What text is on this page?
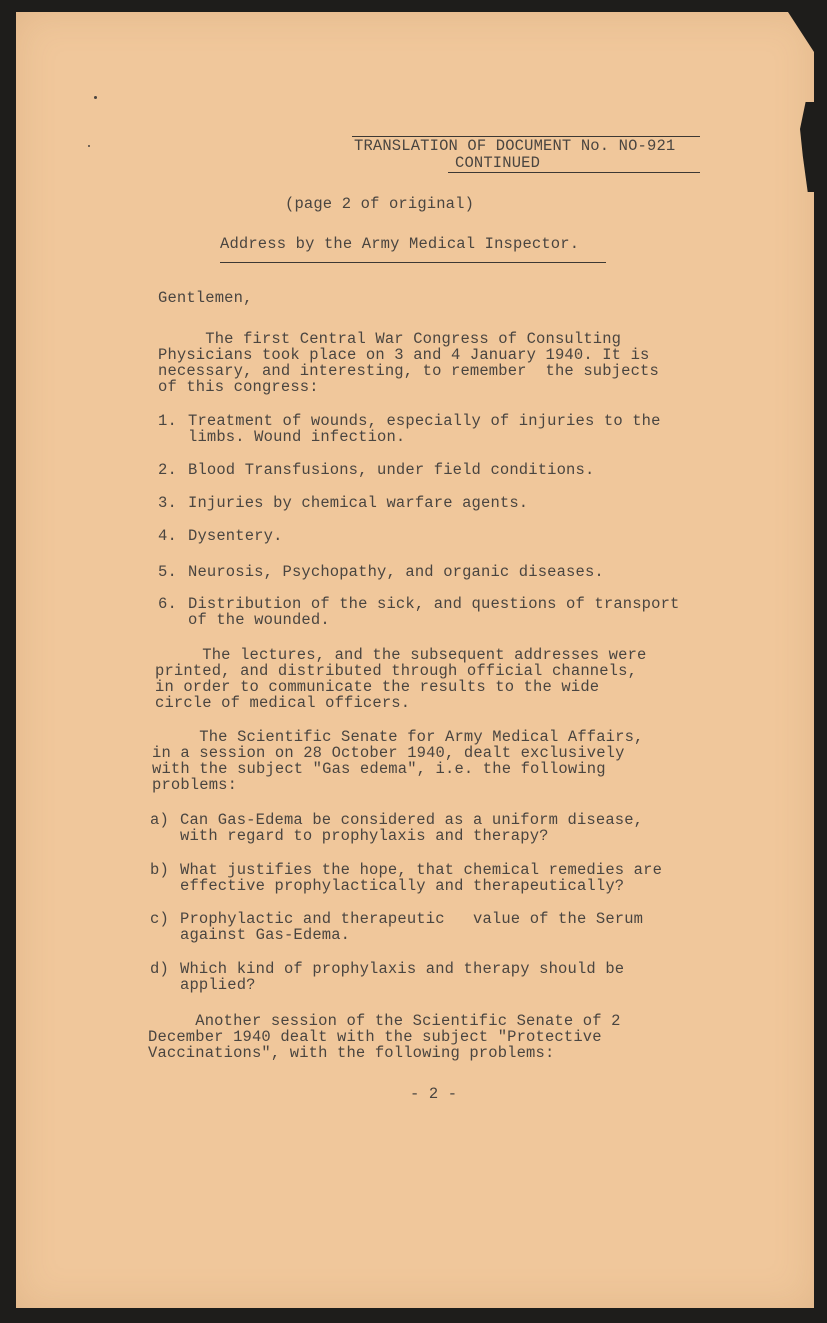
TRANSLATION OF DOCUMENT No. NO-921
CONTINUED
(page 2 of original)
Address by the Army Medical Inspector.
Gentlemen,
The first Central War Congress of Consulting
Physicians took place on 3 and 4 January 1940. It is
necessary, and interesting, to remember  the subjects
of this congress:
1. Treatment of wounds, especially of injuries to the
limbs. Wound infection.
2. Blood Transfusions, under field conditions.
3. Injuries by chemical warfare agents.
4. Dysentery.
5. Neurosis, Psychopathy, and organic diseases.
6. Distribution of the sick, and questions of transport
of the wounded.
The lectures, and the subsequent addresses were
printed, and distributed through official channels,
in order to communicate the results to the wide
circle of medical officers.
The Scientific Senate for Army Medical Affairs,
in a session on 28 October 1940, dealt exclusively
with the subject "Gas edema", i.e. the following
problems:
a) Can Gas-Edema be considered as a uniform disease,
with regard to prophylaxis and therapy?
b) What justifies the hope, that chemical remedies are
effective prophylactically and therapeutically?
c) Prophylactic and therapeutic   value of the Serum
against Gas-Edema.
d) Which kind of prophylaxis and therapy should be
applied?
Another session of the Scientific Senate of 2
December 1940 dealt with the subject "Protective
Vaccinations", with the following problems:
- 2 -
